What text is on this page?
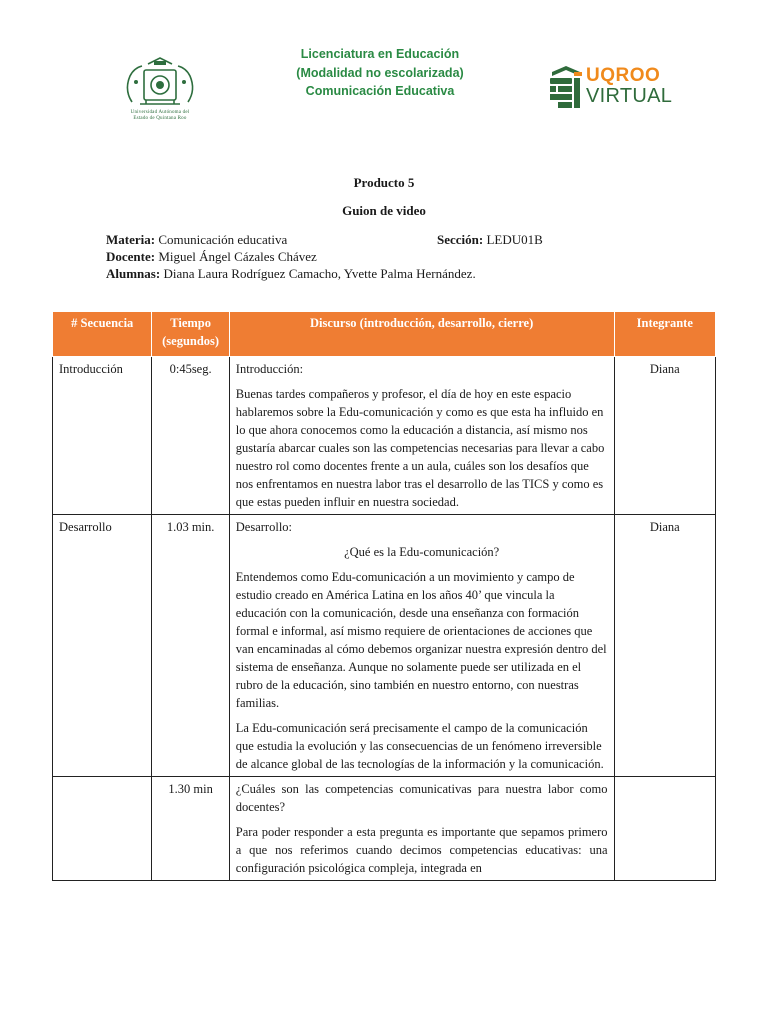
Universidad Autónoma del
Estado de Quintana Roo
Licenciatura en Educación
(Modalidad no escolarizada)
Comunicación Educativa
UQROO
VIRTUAL
Producto 5
Guion de video
Materia: Comunicación educativa	Sección: LEDU01B
Docente: Miguel Ángel Cázales Chávez
Alumnas: Diana Laura Rodríguez Camacho, Yvette Palma Hernández.
# Secuencia	Tiempo (segundos)	Discurso (introducción, desarrollo, cierre)	Integrante
Introducción	0:45seg.	Introducción:

Buenas tardes compañeros y profesor, el día de hoy en este espacio hablaremos sobre la Edu-comunicación y como es que esta ha influido en lo que ahora conocemos como la educación a distancia, así mismo nos gustaría abarcar cuales son las competencias necesarias para llevar a cabo nuestro rol como docentes frente a un aula, cuáles son los desafíos que nos enfrentamos en nuestra labor tras el desarrollo de las TICS y como es que estas pueden influir en nuestra sociedad.	Diana
Desarrollo	1.03 min.	Desarrollo:

¿Qué es la Edu-comunicación?

Entendemos como Edu-comunicación a un movimiento y campo de estudio creado en América Latina en los años 40’ que vincula la educación con la comunicación, desde una enseñanza con formación formal e informal, así mismo requiere de orientaciones de acciones que van encaminadas al cómo debemos organizar nuestra expresión dentro del sistema de enseñanza. Aunque no solamente puede ser utilizada en el rubro de la educación, sino también en nuestro entorno, con nuestras familias.

La Edu-comunicación será precisamente el campo de la comunicación que estudia la evolución y las consecuencias de un fenómeno irreversible de alcance global de las tecnologías de la información y la comunicación.	Diana
	1.30 min	¿Cuáles son las competencias comunicativas para nuestra labor como docentes?

Para poder responder a esta pregunta es importante que sepamos primero a que nos referimos cuando decimos competencias educativas: una configuración psicológica compleja, integrada en	
